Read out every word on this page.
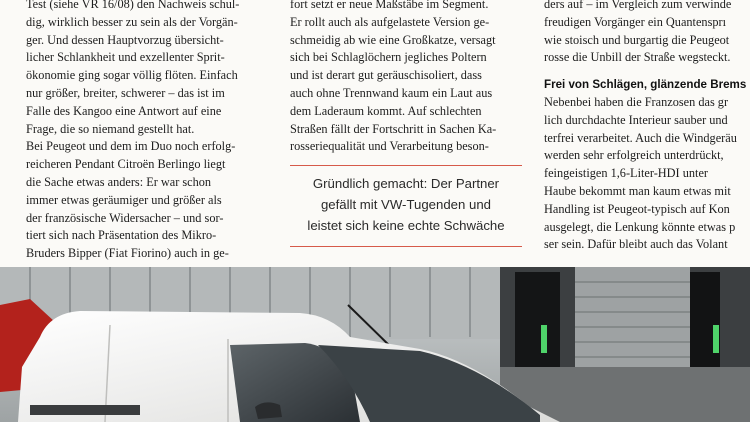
Test (siehe VR 16/08) den Nachweis schul-

dig, wirklich besser zu sein als der Vorgän-

ger. Und dessen Hauptvorzug übersicht-

licher Schlankheit und exzellenter Sprit-

ökonomie ging sogar völlig flöten. Einfach

nur größer, breiter, schwerer – das ist im

Falle des Kangoo eine Antwort auf eine

Frage, die so niemand gestellt hat.

Bei Peugeot und dem im Duo noch erfolg-

reicheren Pendant Citroën Berlingo liegt

die Sache etwas anders: Er war schon

immer etwas geräumiger und größer als

der französische Widersacher – und sor-

tiert sich nach Präsentation des Mikro-

Bruders Bipper (Fiat Fiorino) auch in ge-

fort setzt er neue Maßstäbe im Segment.

Er rollt auch als aufgelastete Version ge-

schmeidig ab wie eine Großkatze, versagt

sich bei Schlaglöchern jegliches Poltern

und ist derart gut geräuschisoliert, dass

auch ohne Trennwand kaum ein Laut aus

dem Laderaum kommt. Auf schlechten

Straßen fällt der Fortschritt in Sachen Ka-

rosseriequalität und Verarbeitung beson-

Gründlich gemacht: Der Partner
gefällt mit VW-Tugenden und
leistet sich keine echte Schwäche

ders auf – im Vergleich zum verwinde

freudigen Vorgänger ein Quantensprı

wie stoisch und burgartig die Peugeot

rosse die Unbill der Straße wegsteckt.

Frei von Schlägen, glänzende Brems

Nebenbei haben die Franzosen das gr

lich durchdachte Interieur sauber und

terfrei verarbeitet. Auch die Windgeräu

werden sehr erfolgreich unterdrückt,

feingeistigen 1,6-Liter-HDI unter

Haube bekommt man kaum etwas mit

Handling ist Peugeot-typisch auf Kon

ausgelegt, die Lenkung könnte etwas p

ser sein. Dafür bleibt auch das Volant
